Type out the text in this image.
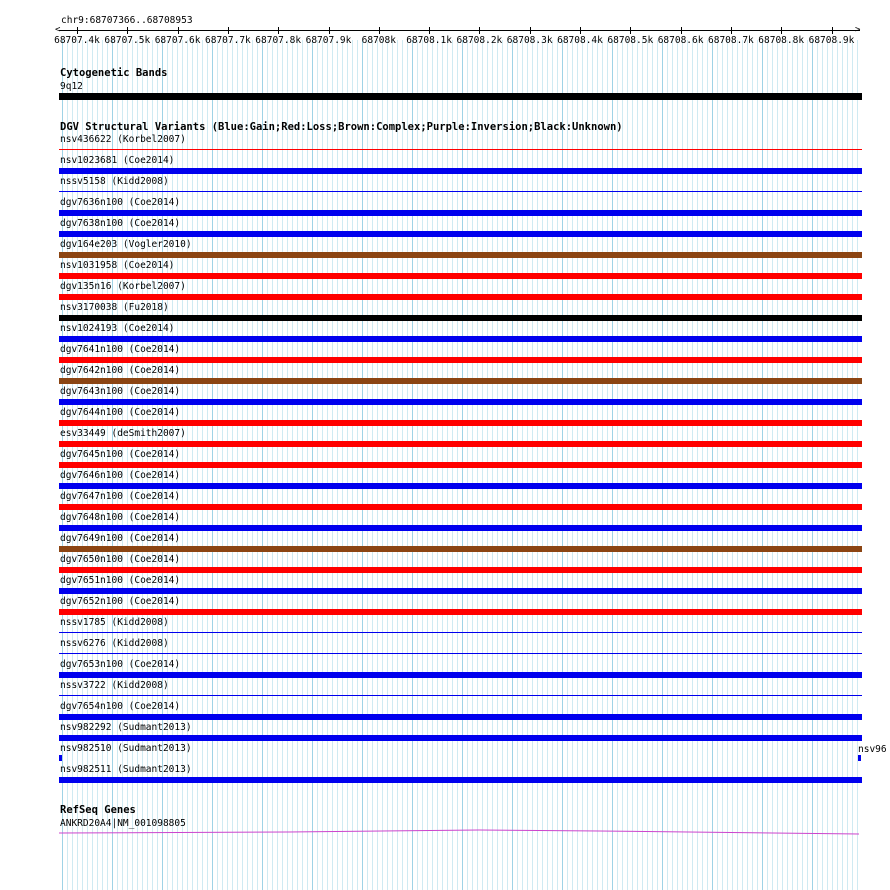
chr9:68707366..68708953
<	>
68707.4k 68707.5k 68707.6k 68707.7k 68707.8k 68707.9k 68708k 68708.1k 68708.2k 68708.3k 68708.4k 68708.5k 68708.6k 68708.7k 68708.8k 68708.9k
Cytogenetic Bands
9q12
DGV Structural Variants (Blue:Gain;Red:Loss;Brown:Complex;Purple:Inversion;Black:Unknown)
nsv436622 (Korbel2007)
nsv1023681 (Coe2014)
nssv5158 (Kidd2008)
dgv7636n100 (Coe2014)
dgv7638n100 (Coe2014)
dgv164e203 (Vogler2010)
nsv1031958 (Coe2014)
dgv135n16 (Korbel2007)
nsv3170038 (Fu2018)
nsv1024193 (Coe2014)
dgv7641n100 (Coe2014)
dgv7642n100 (Coe2014)
dgv7643n100 (Coe2014)
dgv7644n100 (Coe2014)
esv33449 (deSmith2007)
dgv7645n100 (Coe2014)
dgv7646n100 (Coe2014)
dgv7647n100 (Coe2014)
dgv7648n100 (Coe2014)
dgv7649n100 (Coe2014)
dgv7650n100 (Coe2014)
dgv7651n100 (Coe2014)
dgv7652n100 (Coe2014)
nssv1785 (Kidd2008)
nssv6276 (Kidd2008)
dgv7653n100 (Coe2014)
nssv3722 (Kidd2008)
dgv7654n100 (Coe2014)
nsv982292 (Sudmant2013)
nsv982510 (Sudmant2013)
nsv982511 (Sudmant2013)
nsv96
RefSeq Genes
ANKRD20A4|NM_001098805
